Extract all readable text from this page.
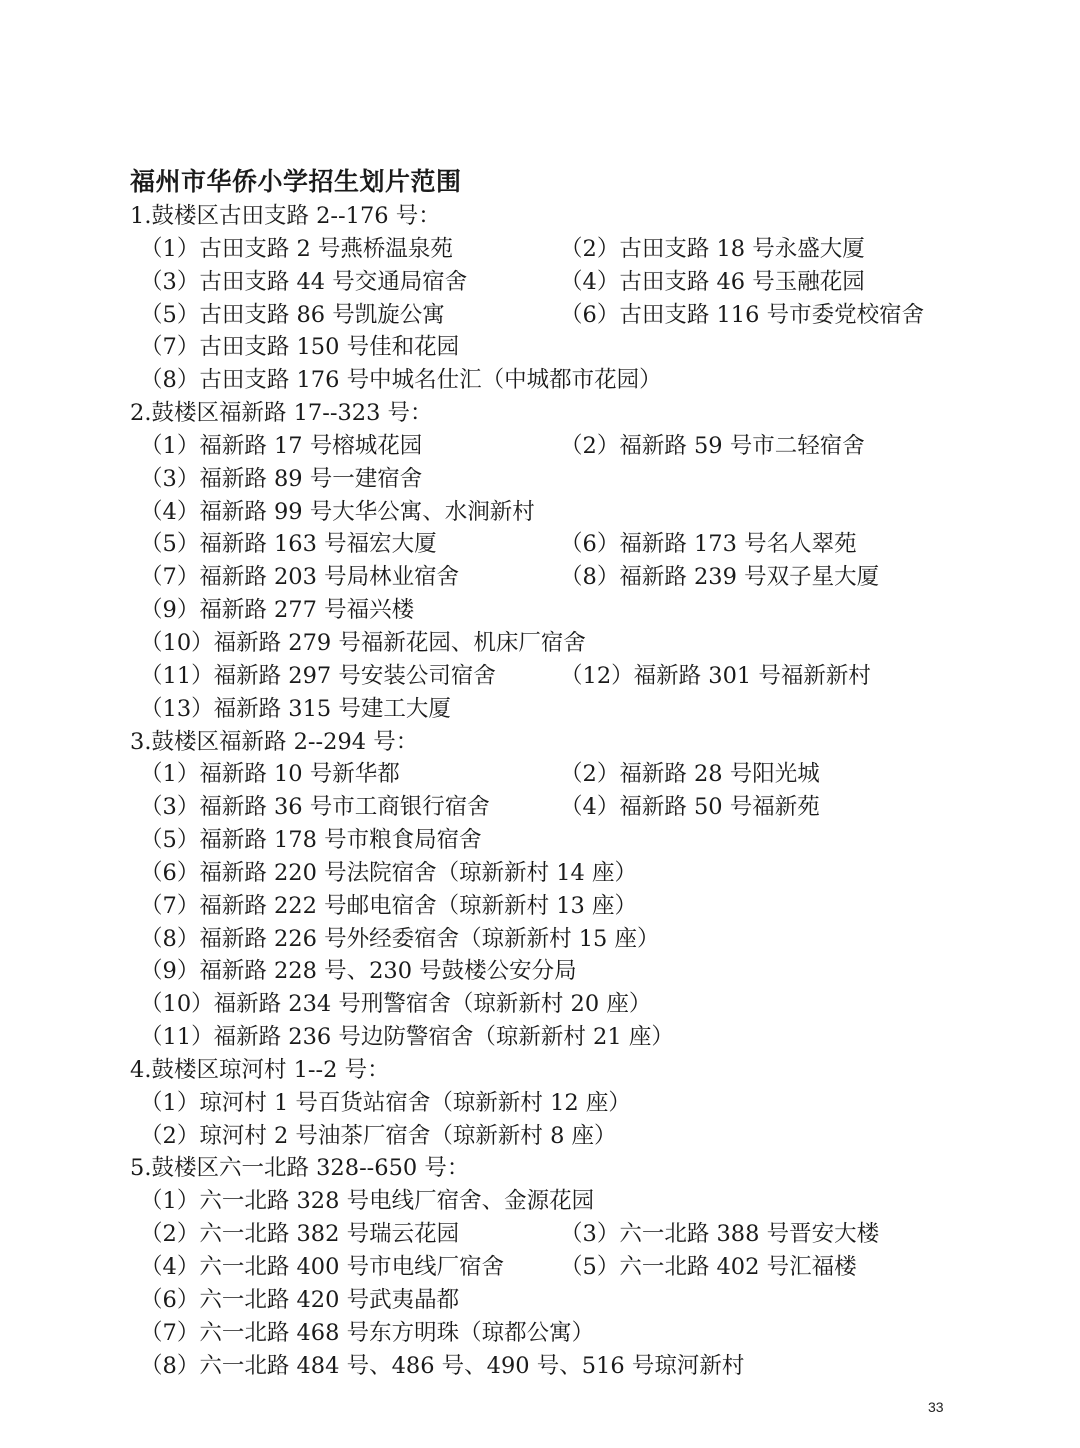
福州市华侨小学招生划片范围
1.鼓楼区古田支路 2--176 号：
（1）古田支路 2 号燕桥温泉苑	（2）古田支路 18 号永盛大厦
（3）古田支路 44 号交通局宿舍	（4）古田支路 46 号玉融花园
（5）古田支路 86 号凯旋公寓	（6）古田支路 116 号市委党校宿舍
（7）古田支路 150 号佳和花园
（8）古田支路 176 号中城名仕汇（中城都市花园）
2.鼓楼区福新路 17--323 号：
（1）福新路 17 号榕城花园	（2）福新路 59 号市二轻宿舍
（3）福新路 89 号一建宿舍
（4）福新路 99 号大华公寓、水涧新村
（5）福新路 163 号福宏大厦	（6）福新路 173 号名人翠苑
（7）福新路 203 号局林业宿舍	（8）福新路 239 号双子星大厦
（9）福新路 277 号福兴楼
（10）福新路 279 号福新花园、机床厂宿舍
（11）福新路 297 号安装公司宿舍	（12）福新路 301 号福新新村
（13）福新路 315 号建工大厦
3.鼓楼区福新路 2--294 号：
（1）福新路 10 号新华都	（2）福新路 28 号阳光城
（3）福新路 36 号市工商银行宿舍	（4）福新路 50 号福新苑
（5）福新路 178 号市粮食局宿舍
（6）福新路 220 号法院宿舍（琼新新村 14 座）
（7）福新路 222 号邮电宿舍（琼新新村 13 座）
（8）福新路 226 号外经委宿舍（琼新新村 15 座）
（9）福新路 228 号、230 号鼓楼公安分局
（10）福新路 234 号刑警宿舍（琼新新村 20 座）
（11）福新路 236 号边防警宿舍（琼新新村 21 座）
4.鼓楼区琼河村 1--2 号：
（1）琼河村 1 号百货站宿舍（琼新新村 12 座）
（2）琼河村 2 号油茶厂宿舍（琼新新村 8 座）
5.鼓楼区六一北路 328--650 号：
（1）六一北路 328 号电线厂宿舍、金源花园
（2）六一北路 382 号瑞云花园	（3）六一北路 388 号晋安大楼
（4）六一北路 400 号市电线厂宿舍 （5）六一北路 402 号汇福楼
（6）六一北路 420 号武夷晶都
（7）六一北路 468 号东方明珠（琼都公寓）
（8）六一北路 484 号、486 号、490 号、516 号琼河新村
33
